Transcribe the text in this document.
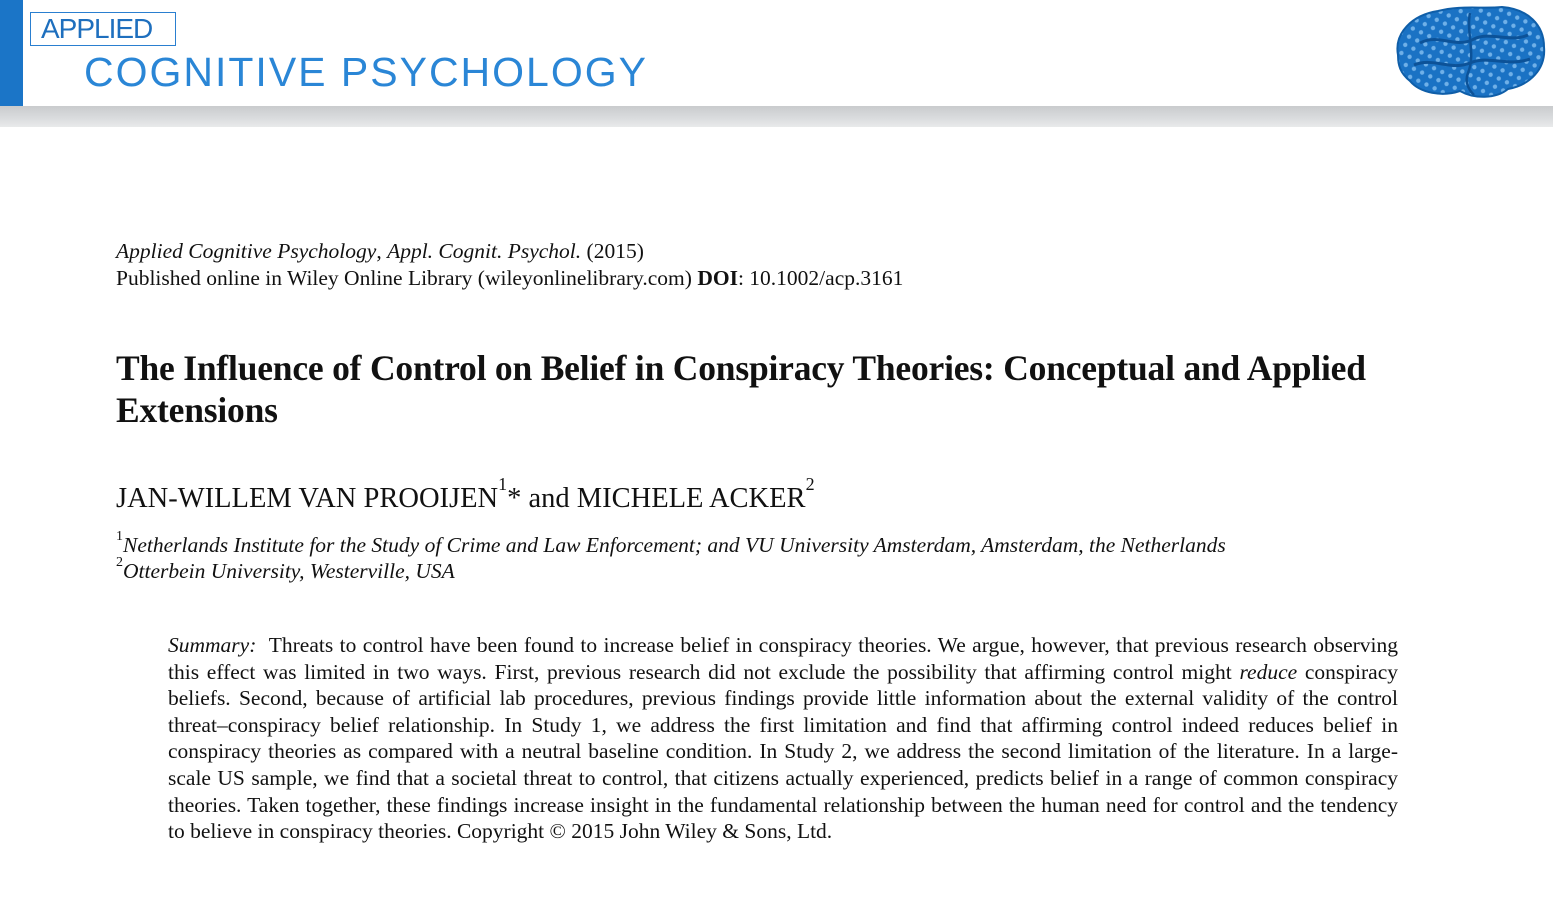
APPLIED
COGNITIVE PSYCHOLOGY
Applied Cognitive Psychology, Appl. Cognit. Psychol. (2015)
Published online in Wiley Online Library (wileyonlinelibrary.com) DOI: 10.1002/acp.3161
The Influence of Control on Belief in Conspiracy Theories: Conceptual and Applied Extensions
JAN-WILLEM VAN PROOIJEN$^1$* and MICHELE ACKER$^2$
$^1$Netherlands Institute for the Study of Crime and Law Enforcement; and VU University Amsterdam, Amsterdam, the Netherlands
$^2$Otterbein University, Westerville, USA

Summary: Threats to control have been found to increase belief in conspiracy theories. We argue, however, that previous research observing this effect was limited in two ways. First, previous research did not exclude the possibility that affirming control might reduce conspiracy beliefs. Second, because of artificial lab procedures, previous findings provide little information about the external validity of the control threat–conspiracy belief relationship. In Study 1, we address the first limitation and find that affirming control indeed reduces belief in conspiracy theories as compared with a neutral baseline condition. In Study 2, we address the second limitation of the literature. In a large-scale US sample, we find that a societal threat to control, that citizens actually experienced, predicts belief in a range of common conspiracy theories. Taken together, these findings increase insight in the fundamental relationship between the human need for control and the tendency to believe in conspiracy theories. Copyright © 2015 John Wiley & Sons, Ltd.
